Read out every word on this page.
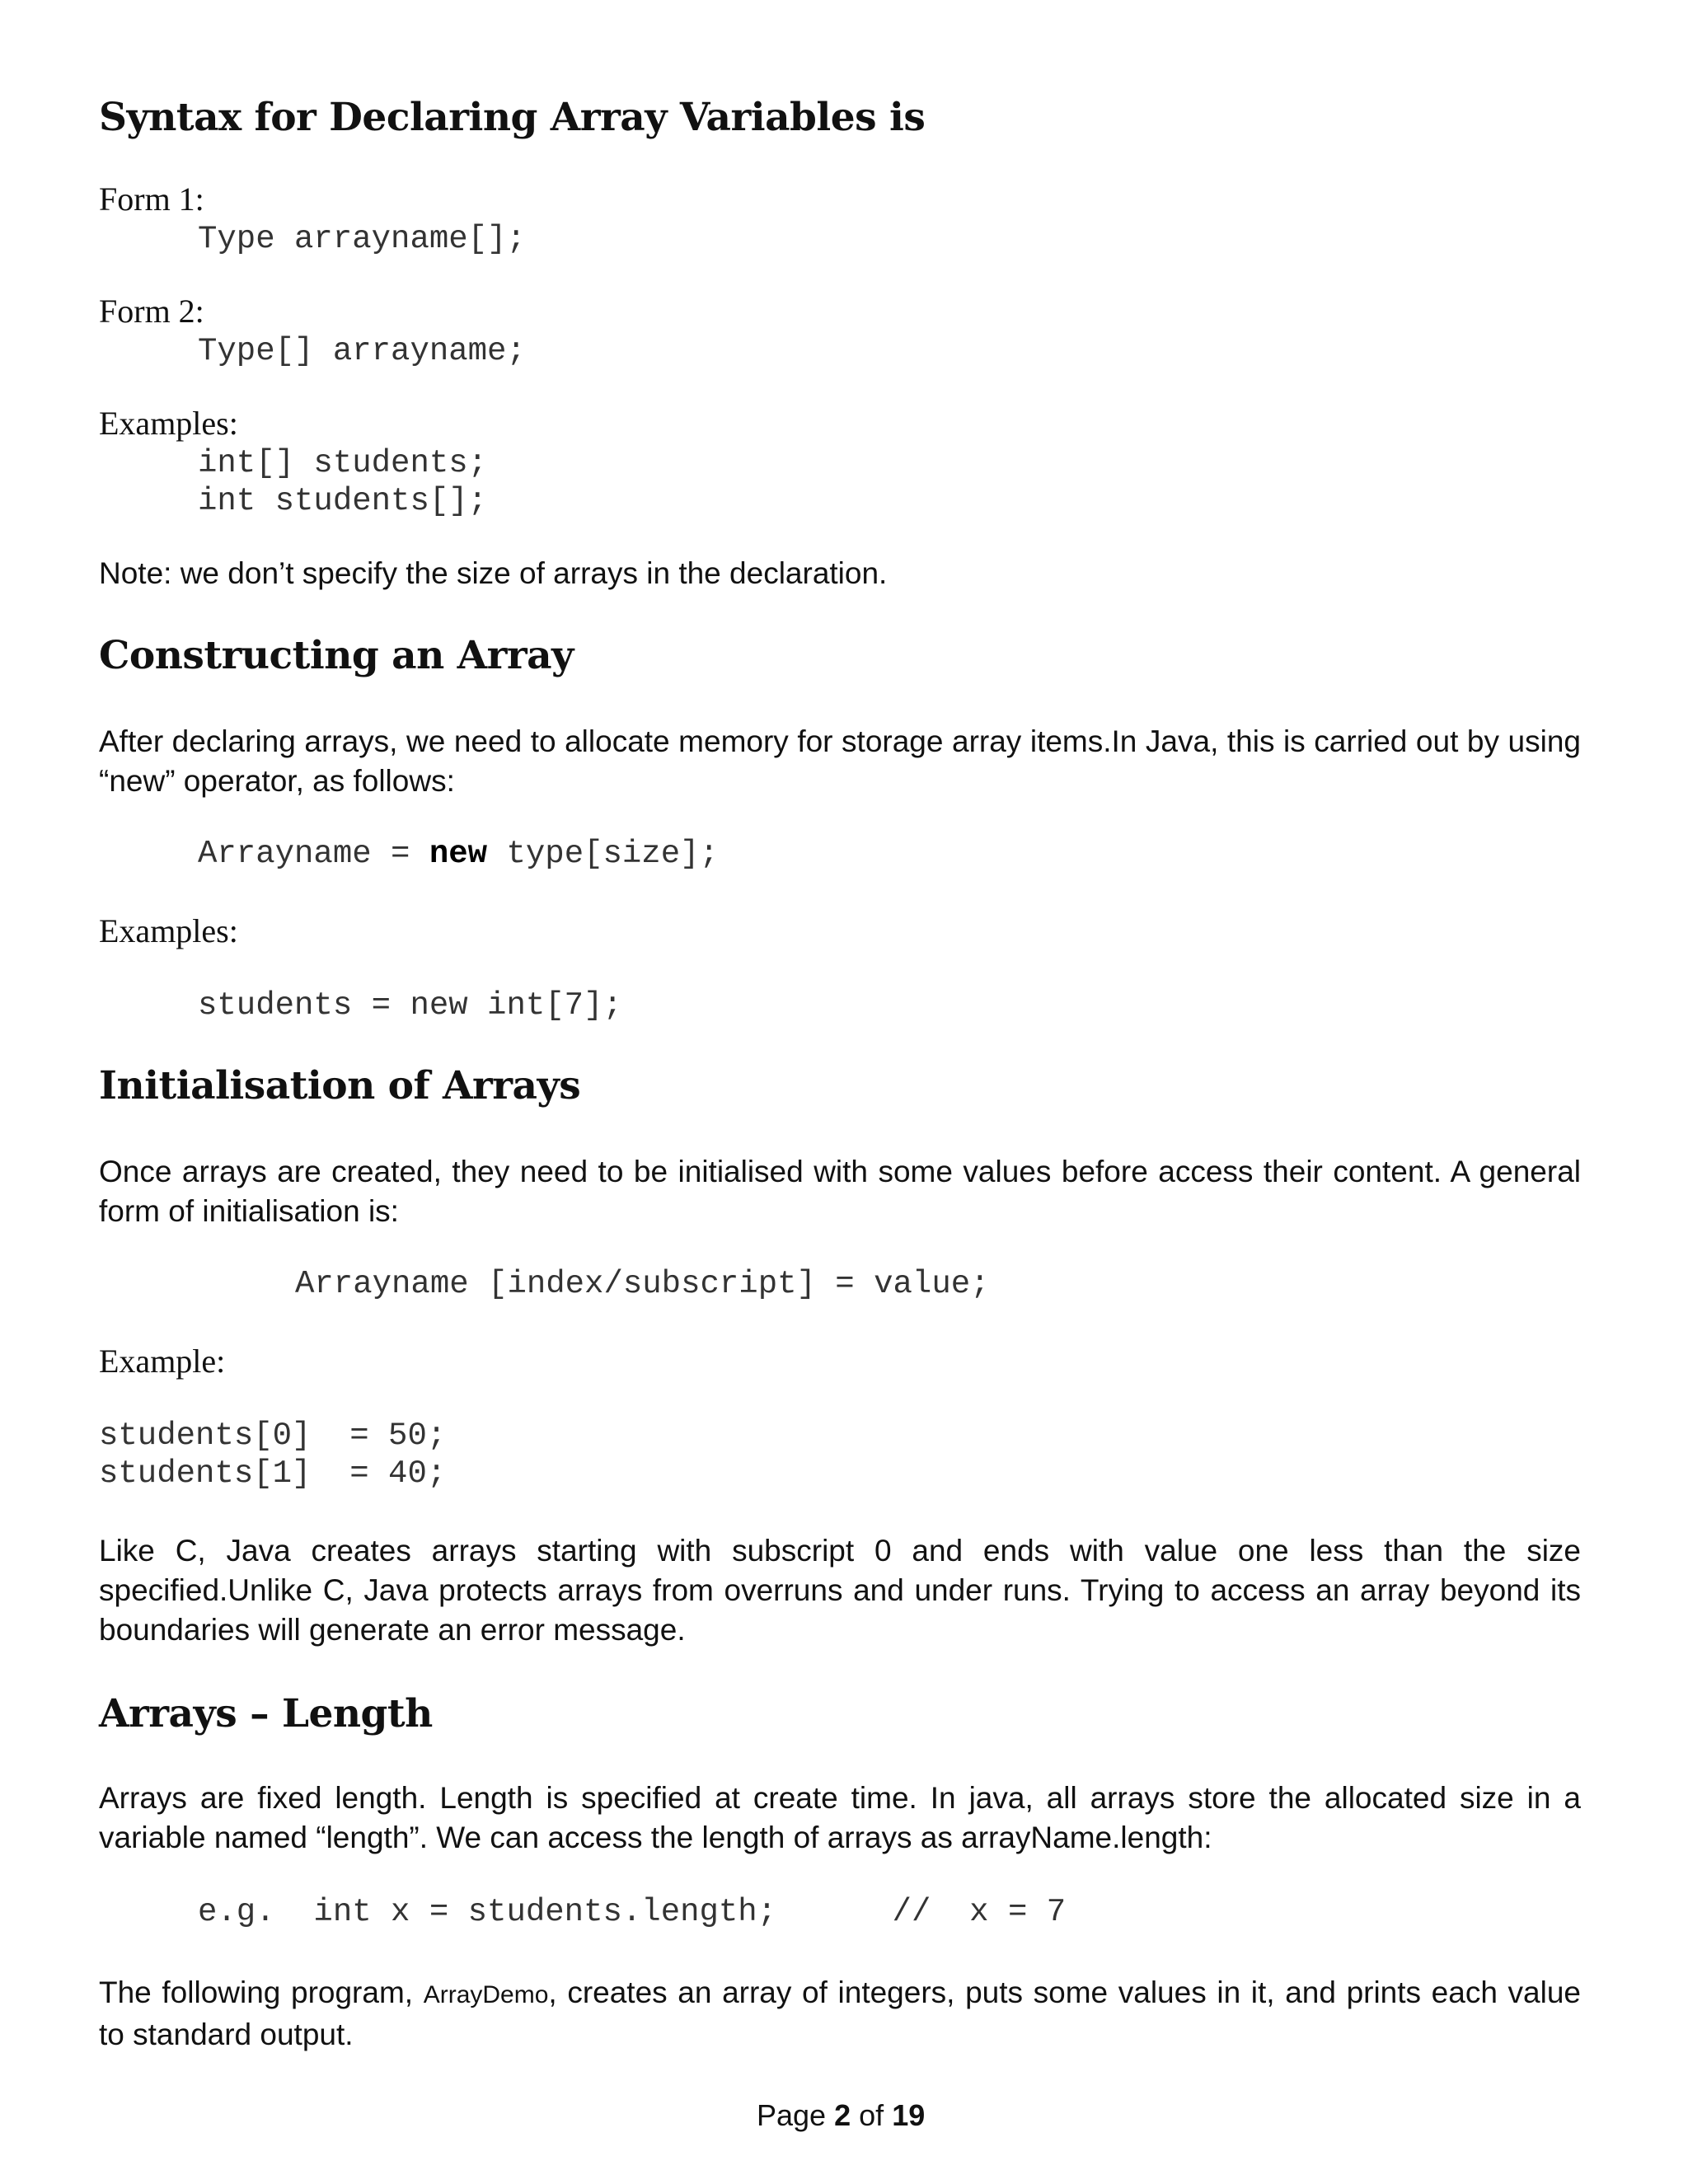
Syntax for Declaring Array Variables is
Form 1:
Type arrayname[];
Form 2:
Type[] arrayname;
Examples:
int[] students;
int students[];
Note: we don’t specify the size of arrays in the declaration.
Constructing an Array
After declaring arrays, we need to allocate memory for storage array items.In Java, this is carried out by using “new” operator, as follows:
Arrayname = new type[size];
Examples:
students = new int[7];
Initialisation of Arrays
Once arrays are created, they need to be initialised with some values before access their content. A general form of initialisation is:
Arrayname [index/subscript] = value;
Example:
students[0]  = 50;
students[1]  = 40;
Like C, Java creates arrays starting with subscript 0 and ends with value one less than the size specified.Unlike C, Java protects arrays from overruns and under runs. Trying to access an array beyond its boundaries will generate an error message.
Arrays – Length
Arrays are fixed length. Length is specified at create time. In java, all arrays store the allocated size in a variable named “length”. We can access the length of arrays as arrayName.length:
e.g.  int x = students.length;      //  x = 7
The following program, ArrayDemo, creates an array of integers, puts some values in it, and prints each value to standard output.
Page 2 of 19
